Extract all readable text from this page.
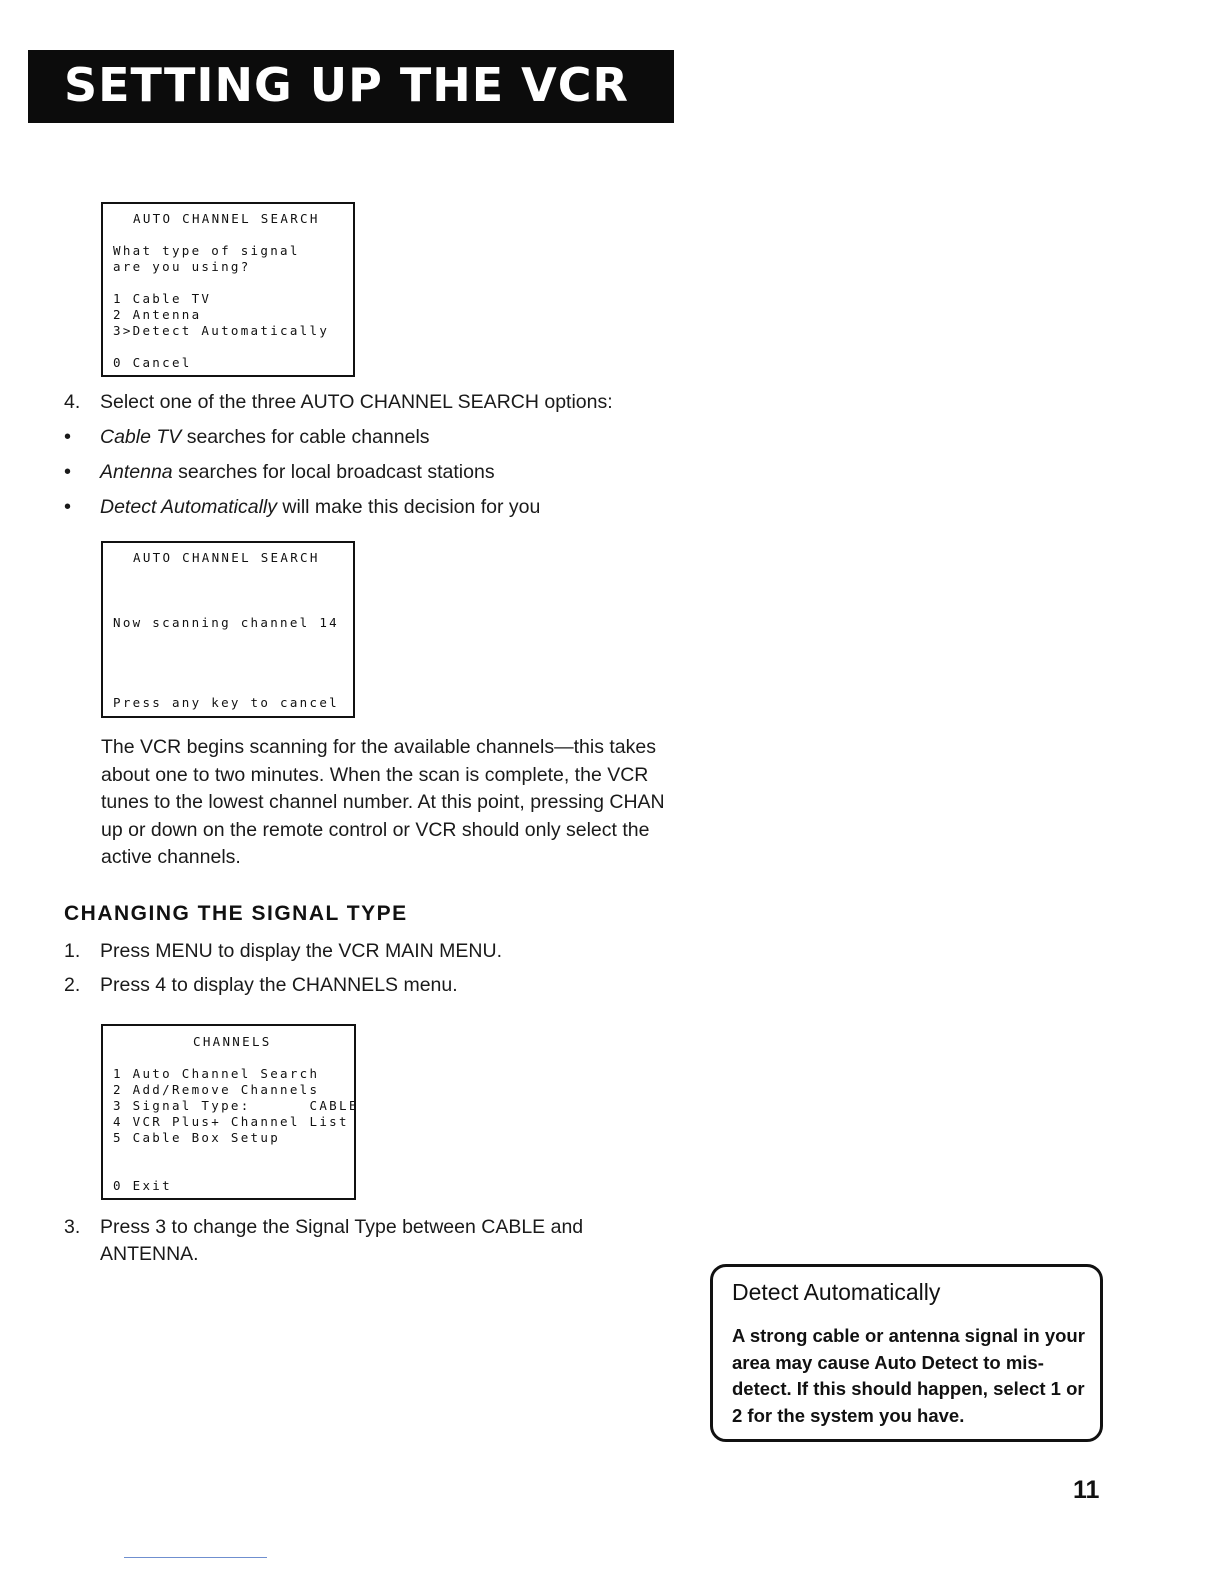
SETTING UP THE VCR
AUTO CHANNEL SEARCH
What type of signal
are you using?
1 Cable TV
2 Antenna
3>Detect Automatically
0 Cancel
4. Select one of the three AUTO CHANNEL SEARCH options:
• Cable TV searches for cable channels
• Antenna searches for local broadcast stations
• Detect Automatically will make this decision for you
AUTO CHANNEL SEARCH
Now scanning channel 14
Press any key to cancel
The VCR begins scanning for the available channels—this takes about one to two minutes. When the scan is complete, the VCR tunes to the lowest channel number. At this point, pressing CHAN up or down on the remote control or VCR should only select the active channels.
CHANGING THE SIGNAL TYPE
1. Press MENU to display the VCR MAIN MENU.
2. Press 4 to display the CHANNELS menu.
CHANNELS
1 Auto Channel Search
2 Add/Remove Channels
3 Signal Type:      CABLE
4 VCR Plus+ Channel List
5 Cable Box Setup
0 Exit
3. Press 3 to change the Signal Type between CABLE and
ANTENNA.
Detect Automatically
A strong cable or antenna signal in your area may cause Auto Detect to mis-detect. If this should happen, select 1 or 2 for the system you have.
11
